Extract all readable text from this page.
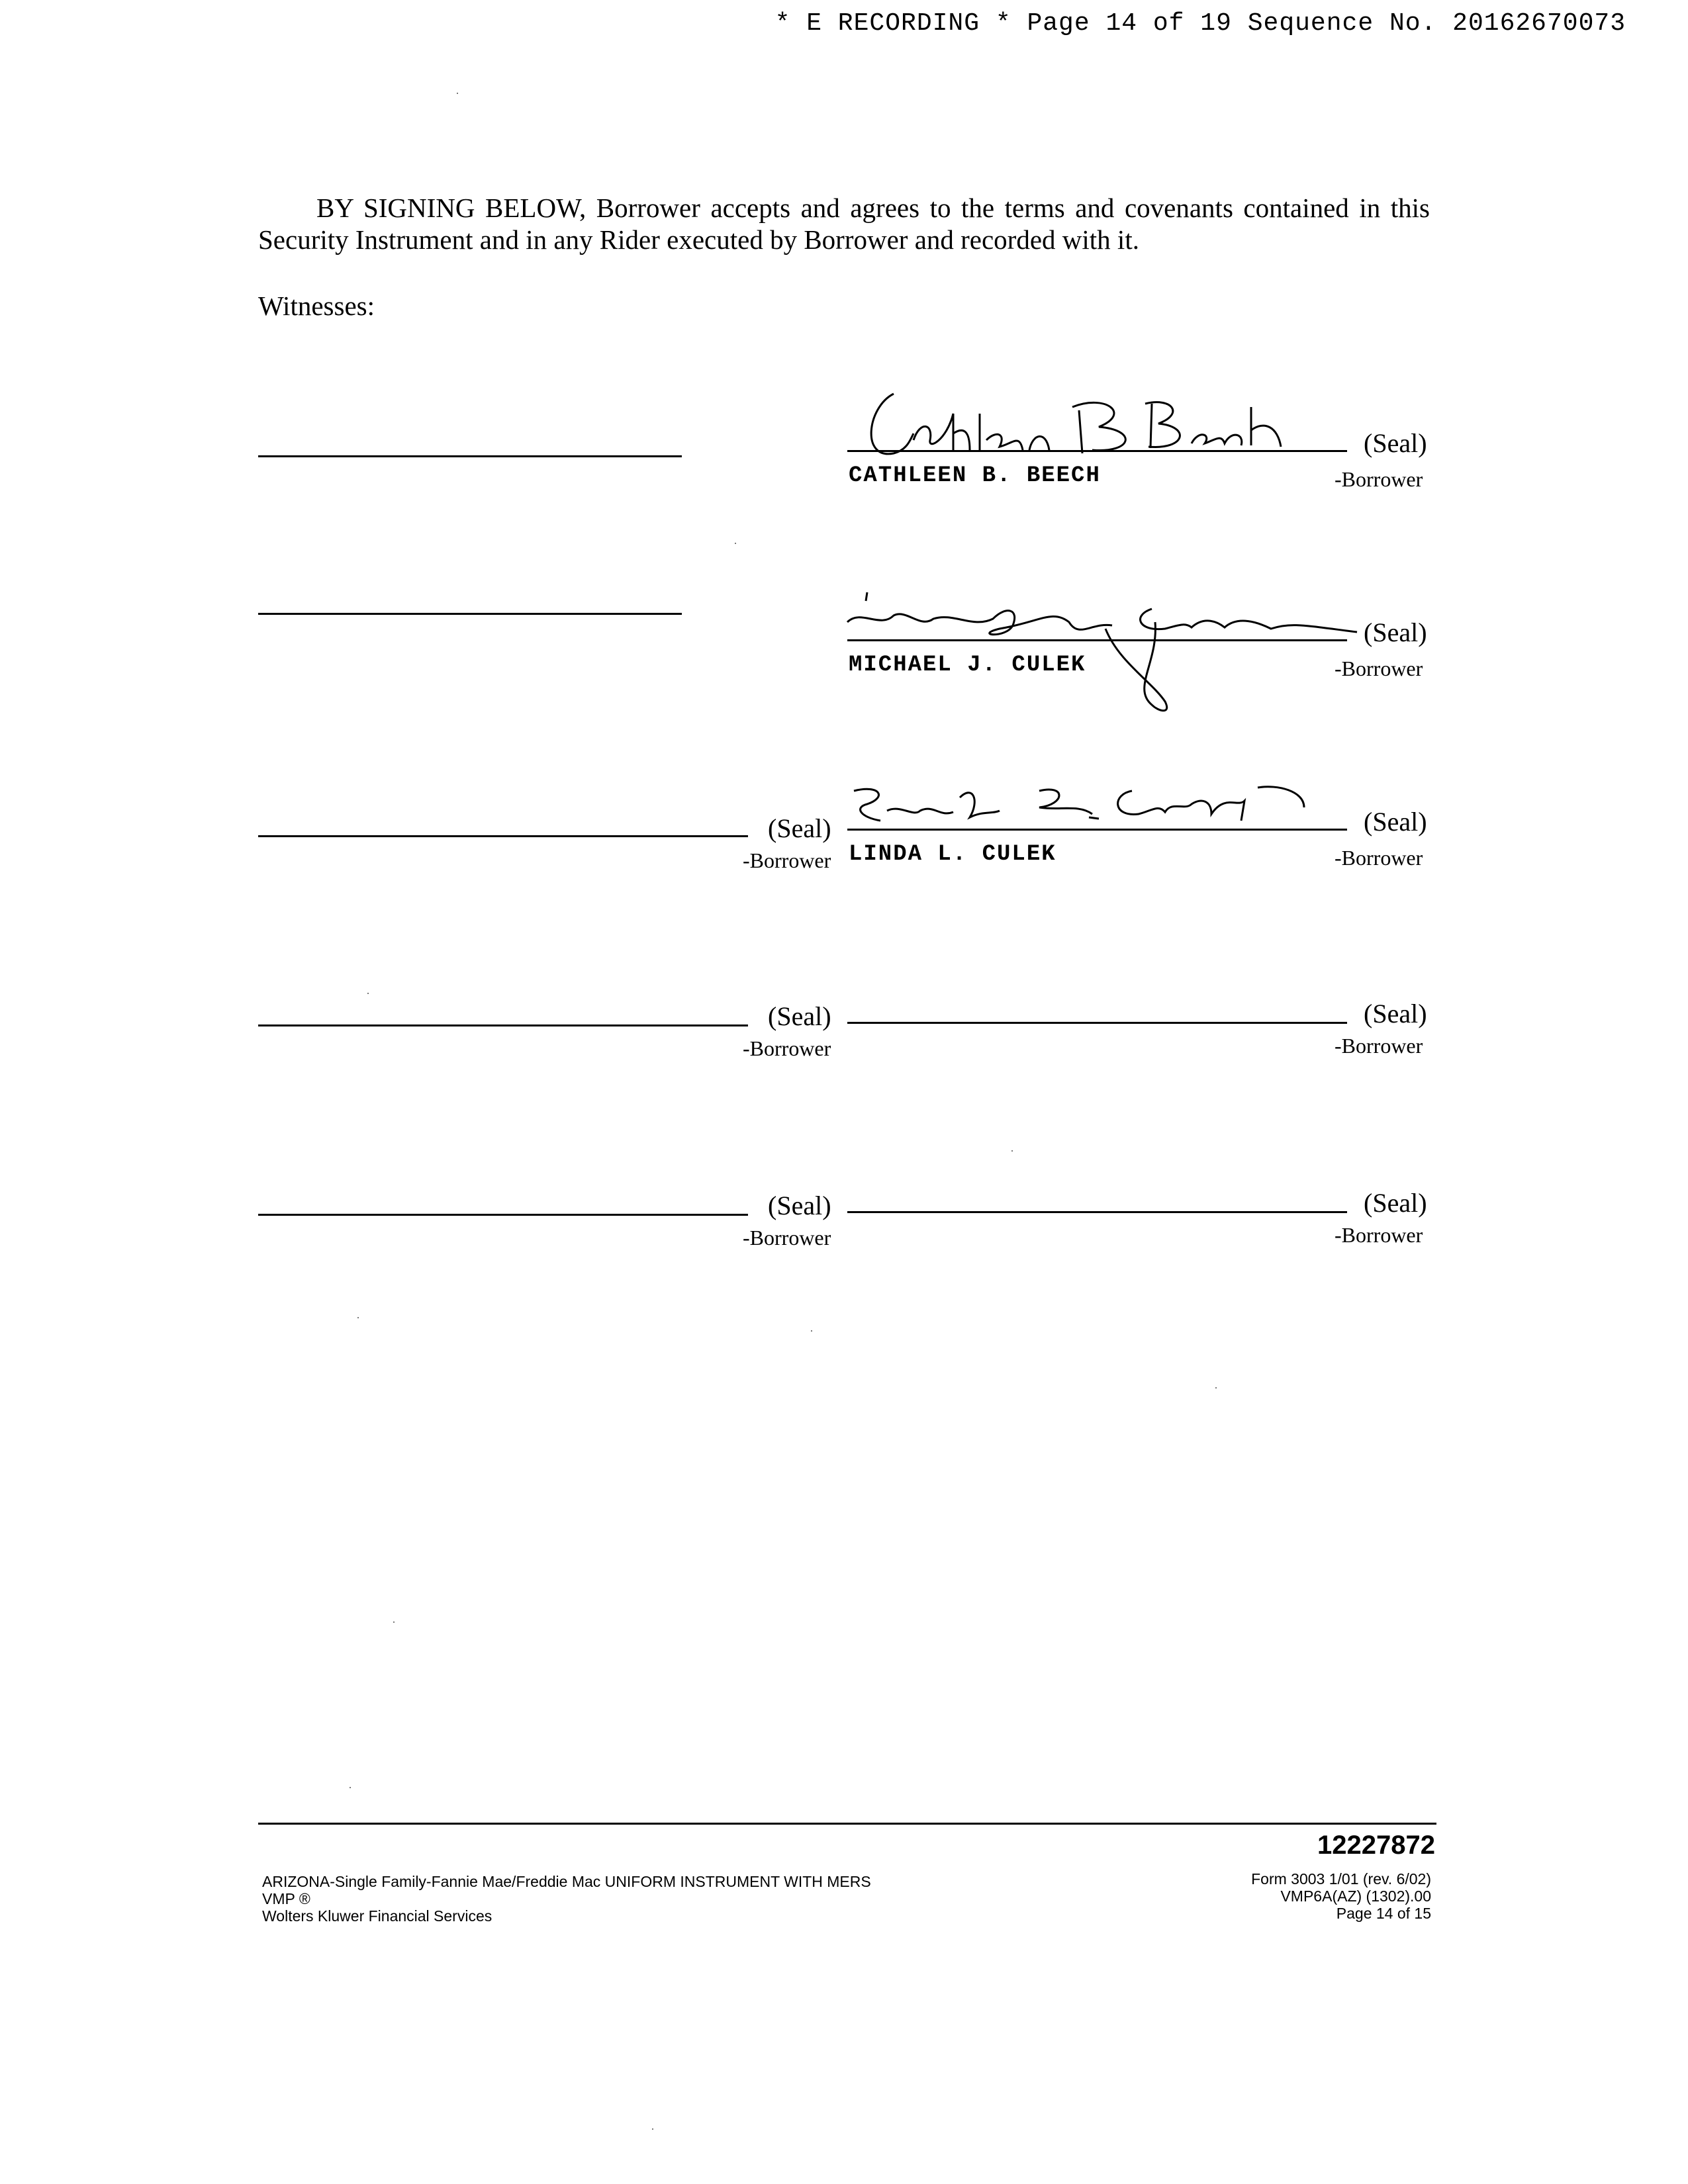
* E RECORDING * Page 14 of 19 Sequence No. 20162670073
BY SIGNING BELOW, Borrower accepts and agrees to the terms and covenants contained in this Security Instrument and in any Rider executed by Borrower and recorded with it.
Witnesses:
(Seal)
CATHLEEN B. BEECH	-Borrower
(Seal)
MICHAEL J. CULEK	-Borrower
(Seal)
-Borrower
(Seal)
LINDA L. CULEK	-Borrower
(Seal)
-Borrower
(Seal)
-Borrower
(Seal)
-Borrower
(Seal)
-Borrower
12227872
ARIZONA-Single Family-Fannie Mae/Freddie Mac UNIFORM INSTRUMENT WITH MERS
VMP ®
Wolters Kluwer Financial Services
Form 3003 1/01 (rev. 6/02)
VMP6A(AZ) (1302).00
Page 14 of 15
